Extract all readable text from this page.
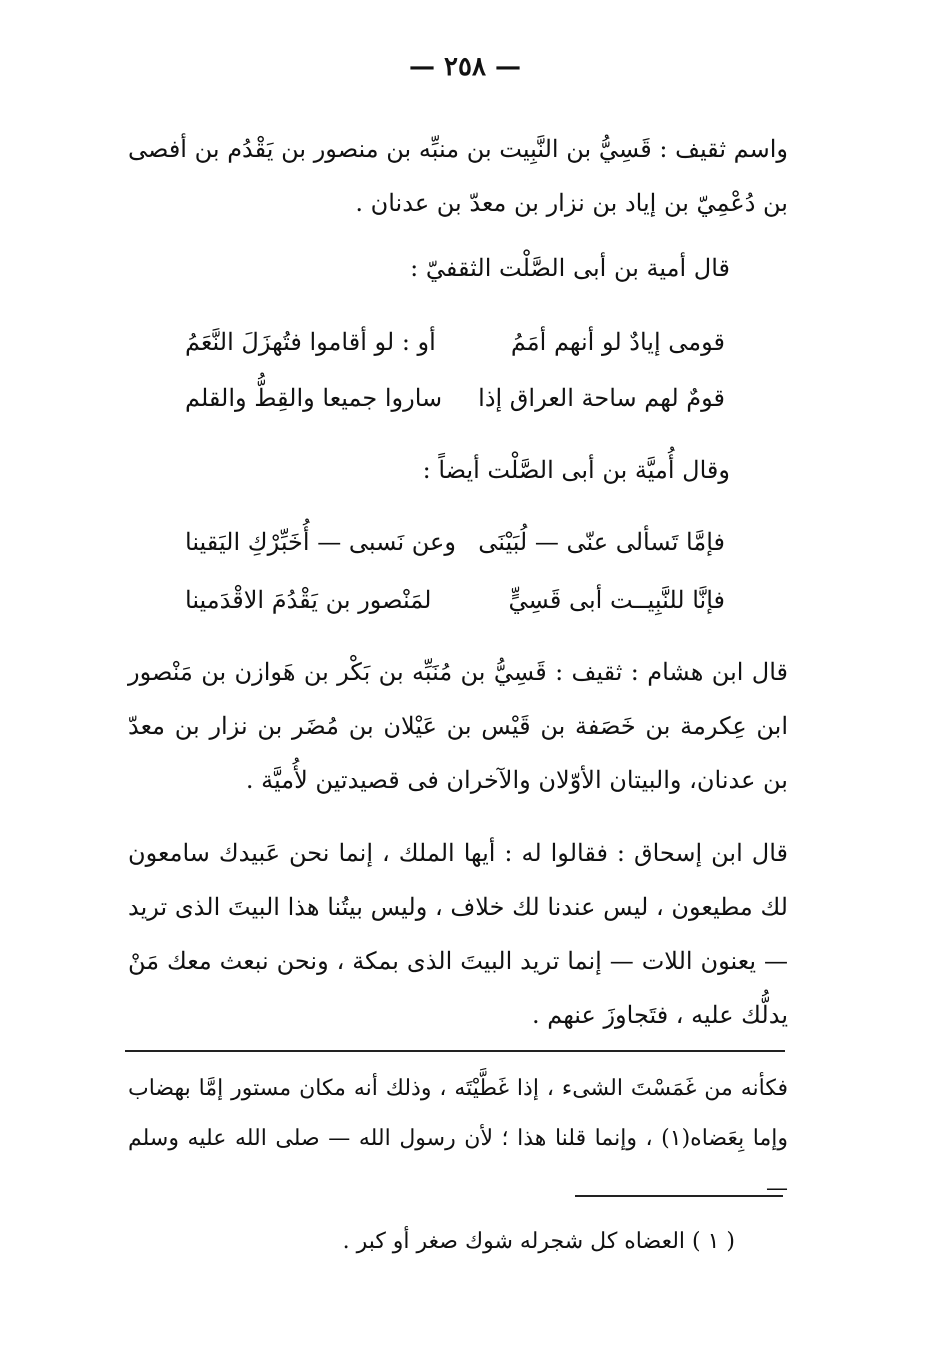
— ٢٥٨ —
واسم ثقيف : قَسِيُّ بن النَّبِيت بن منبِّه بن منصور بن يَقْدُم بن أفصى بن دُعْمِيّ بن إياد بن نزار بن معدّ بن عدنان .
قال أمية بن أبى الصَّلْت الثقفيّ :
قومى إيادٌ لو أنهم أمَمُ
أو : لو أقاموا فتُهزَلَ النَّعَمُ
قومٌ لهم ساحة العراق إذا
ساروا جميعا والقِطُّ والقلم
وقال أُميَّة بن أبى الصَّلْت أيضاً :
فإمَّا تَسألى عنّى — لُبَيْنَى
وعن نَسبى — أُخَبِّرْكِ اليَقينا
فإنَّا للنَّبِيــت أبى قَسِيٍّ
لمَنْصور بن يَقْدُمَ الاقْدَمينا
قال ابن هشام : ثقيف : قَسِيُّ بن مُنَبِّه بن بَكْر بن هَوازن بن مَنْصور ابن عِكرمة بن خَصَفة بن قَيْس بن عَيْلان بن مُضَر بن نزار بن معدّ بن عدنان، والبيتان الأوّلان والآخران فى قصيدتين لأُميَّة .
قال ابن إسحاق : فقالوا له : أيها الملك ، إنما نحن عَبيدك سامعون لك مطيعون ، ليس عندنا لك خلاف ، وليس بيتُنا هذا البيتَ الذى تريد — يعنون اللات — إنما تريد البيتَ الذى بمكة ، ونحن نبعث معك مَنْ يدلُّك عليه ، فتَجاوزَ عنهم .
فكأنه من غَمَسْتَ الشىء ، إذا غَطَّيْتَه ، وذلك أنه مكان مستور إمَّا بهضاب وإما بِعَضاه(١) ، وإنما قلنا هذا ؛ لأن رسول الله — صلى الله عليه وسلم —
( ١ ) العضاه كل شجرله شوك صغر أو كبر .
